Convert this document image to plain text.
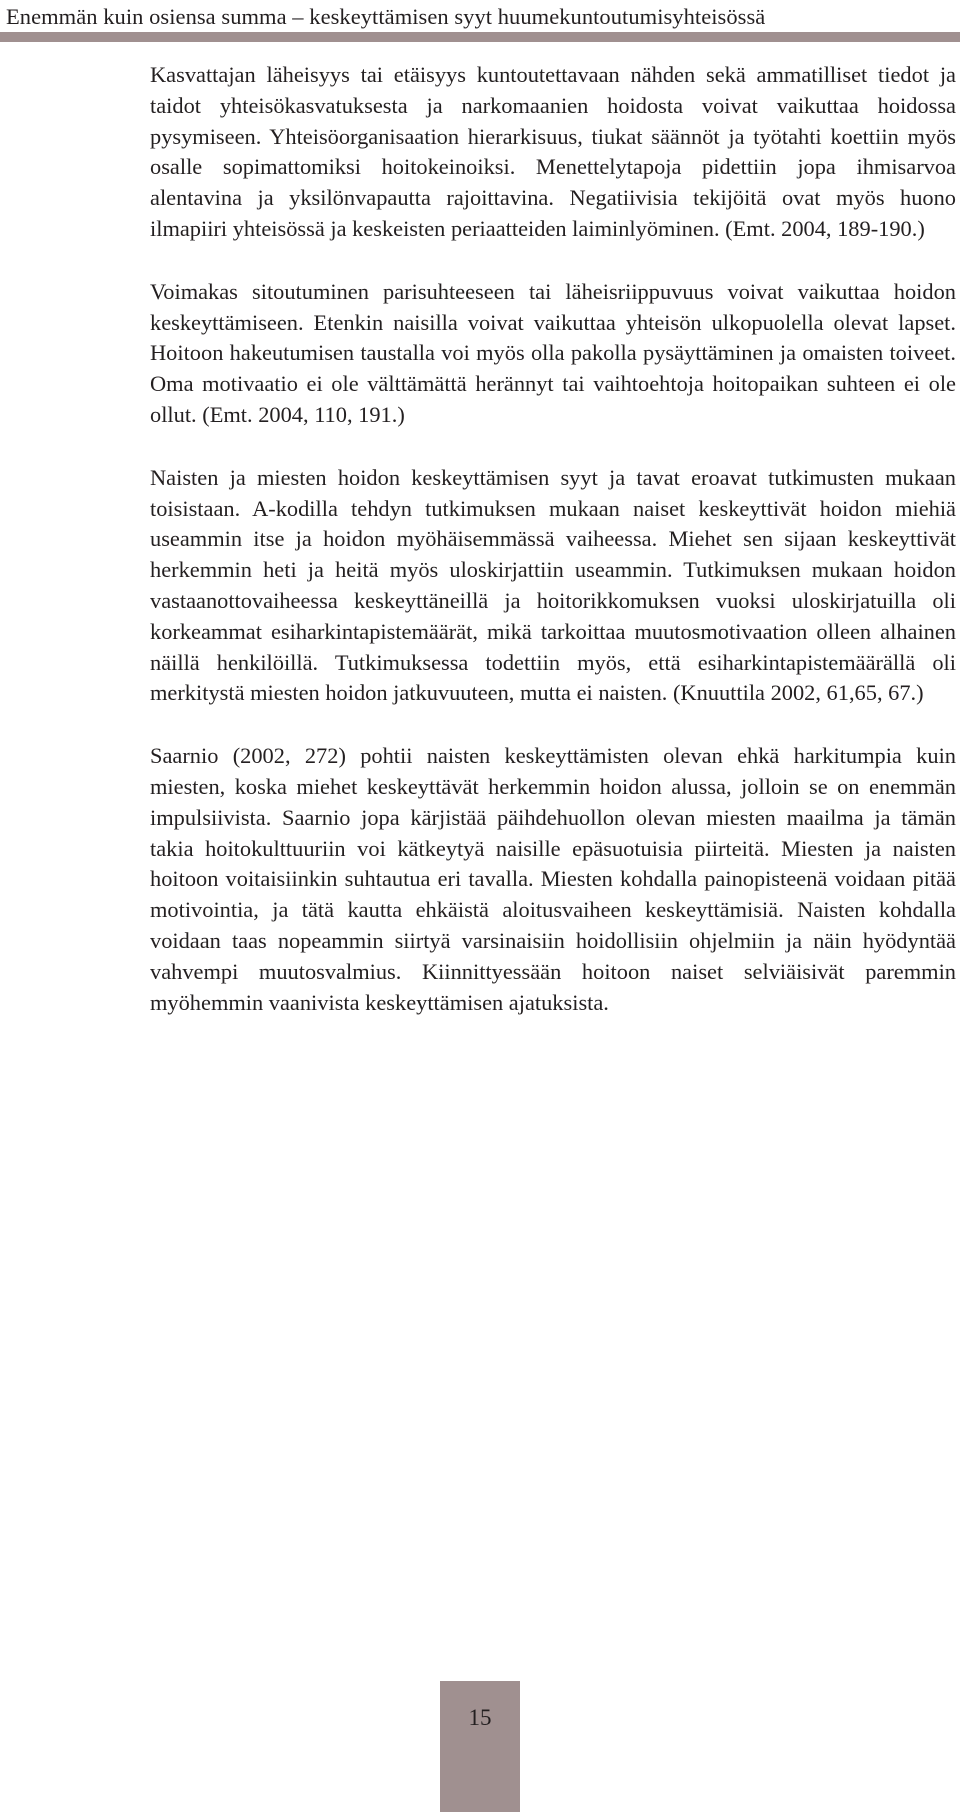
Enemmän kuin osiensa summa – keskeyttämisen syyt huumekuntoutumisyhteisössä

Kasvattajan läheisyys tai etäisyys kuntoutettavaan nähden sekä ammatilliset tiedot ja taidot yhteisökasvatuksesta ja narkomaanien hoidosta voivat vaikuttaa hoidossa pysymiseen. Yhteisöorganisaation hierarkisuus, tiukat säännöt ja työtahti koettiin myös osalle sopimattomiksi hoitokeinoiksi. Menettelytapoja pidettiin jopa ihmisarvoa alentavina ja yksilönvapautta rajoittavina. Negatiivisia tekijöitä ovat myös huono ilmapiiri yhteisössä ja keskeisten periaatteiden laiminlyöminen. (Emt. 2004, 189-190.)

Voimakas sitoutuminen parisuhteeseen tai läheisriippuvuus voivat vaikuttaa hoidon keskeyttämiseen. Etenkin naisilla voivat vaikuttaa yhteisön ulkopuolella olevat lapset. Hoitoon hakeutumisen taustalla voi myös olla pakolla pysäyttäminen ja omaisten toiveet. Oma motivaatio ei ole välttämättä herännyt tai vaihtoehtoja hoitopaikan suhteen ei ole ollut. (Emt. 2004, 110, 191.)

Naisten ja miesten hoidon keskeyttämisen syyt ja tavat eroavat tutkimusten mukaan toisistaan. A-kodilla tehdyn tutkimuksen mukaan naiset keskeyttivät hoidon miehiä useammin itse ja hoidon myöhäisemmässä vaiheessa. Miehet sen sijaan keskeyttivät herkemmin heti ja heitä myös uloskirjattiin useammin. Tutkimuksen mukaan hoidon vastaanottovaiheessa keskeyttäneillä ja hoitorikkomuksen vuoksi uloskirjatuilla oli korkeammat esiharkintapistemäärät, mikä tarkoittaa muutosmotivaation olleen alhainen näillä henkilöillä. Tutkimuksessa todettiin myös, että esiharkintapistemäärällä oli merkitystä miesten hoidon jatkuvuuteen, mutta ei naisten. (Knuuttila 2002, 61,65, 67.)

Saarnio (2002, 272) pohtii naisten keskeyttämisten olevan ehkä harkitumpia kuin miesten, koska miehet keskeyttävät herkemmin hoidon alussa, jolloin se on enemmän impulsiivista. Saarnio jopa kärjistää päihdehuollon olevan miesten maailma ja tämän takia hoitokulttuuriin voi kätkeytyä naisille epäsuotuisia piirteitä. Miesten ja naisten hoitoon voitaisiinkin suhtautua eri tavalla. Miesten kohdalla painopisteenä voidaan pitää motivointia, ja tätä kautta ehkäistä aloitusvaiheen keskeyttämisiä. Naisten kohdalla voidaan taas nopeammin siirtyä varsinaisiin hoidollisiin ohjelmiin ja näin hyödyntää vahvempi muutosvalmius. Kiinnittyessään hoitoon naiset selviäisivät paremmin myöhemmin vaanivista keskeyttämisen ajatuksista.

15
